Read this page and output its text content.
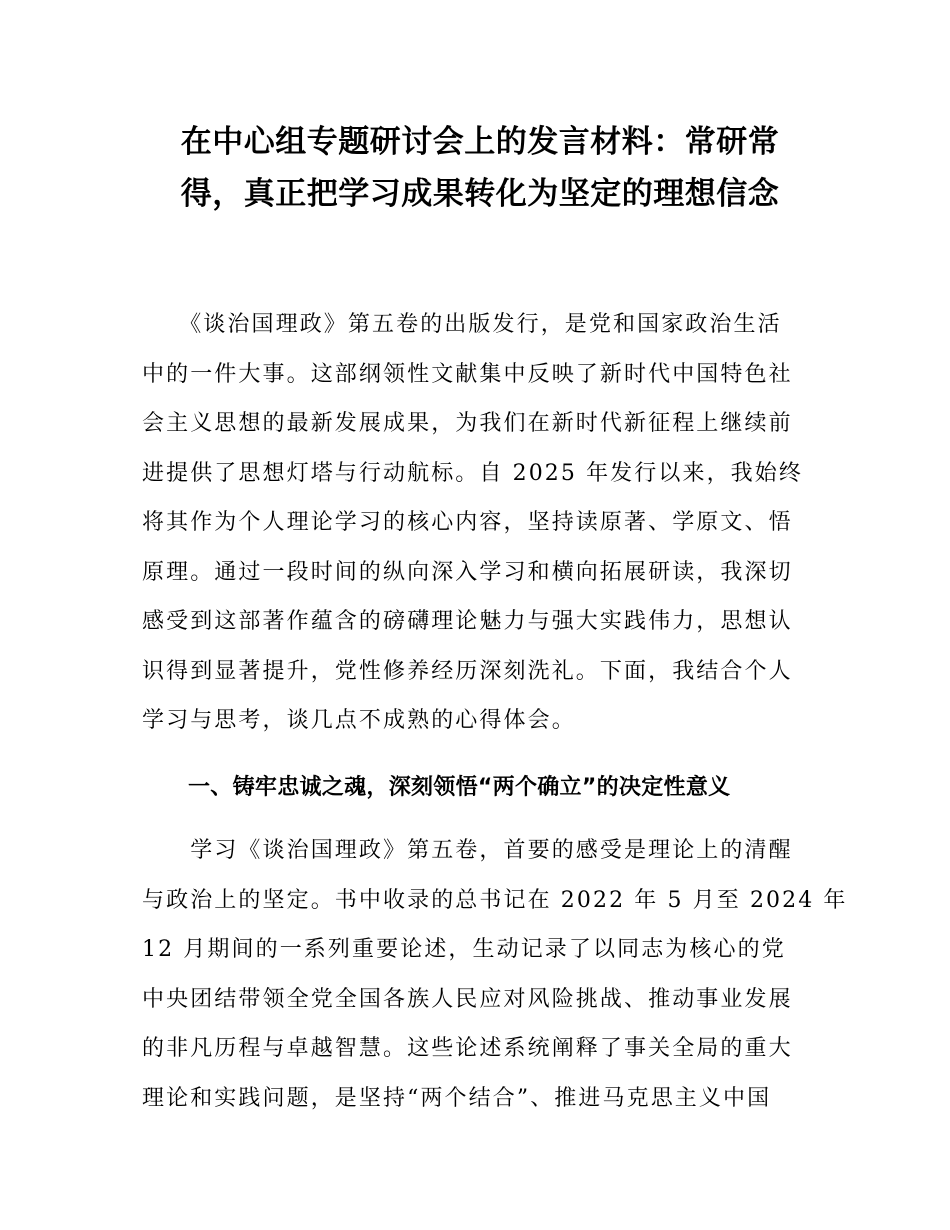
在中心组专题研讨会上的发言材料：常研常
得，真正把学习成果转化为坚定的理想信念
　　《谈治国理政》第五卷的出版发行，是党和国家政治生活
中的一件大事。这部纲领性文献集中反映了新时代中国特色社
会主义思想的最新发展成果，为我们在新时代新征程上继续前
进提供了思想灯塔与行动航标。自 2025 年发行以来，我始终
将其作为个人理论学习的核心内容，坚持读原著、学原文、悟
原理。通过一段时间的纵向深入学习和横向拓展研读，我深切
感受到这部著作蕴含的磅礴理论魅力与强大实践伟力，思想认
识得到显著提升，党性修养经历深刻洗礼。下面，我结合个人
学习与思考，谈几点不成熟的心得体会。
一、铸牢忠诚之魂，深刻领悟“两个确立”的决定性意义
　　学习《谈治国理政》第五卷，首要的感受是理论上的清醒
与政治上的坚定。书中收录的总书记在 2022 年 5 月至 2024 年
12 月期间的一系列重要论述，生动记录了以同志为核心的党
中央团结带领全党全国各族人民应对风险挑战、推动事业发展
的非凡历程与卓越智慧。这些论述系统阐释了事关全局的重大
理论和实践问题，是坚持“两个结合”、推进马克思主义中国
